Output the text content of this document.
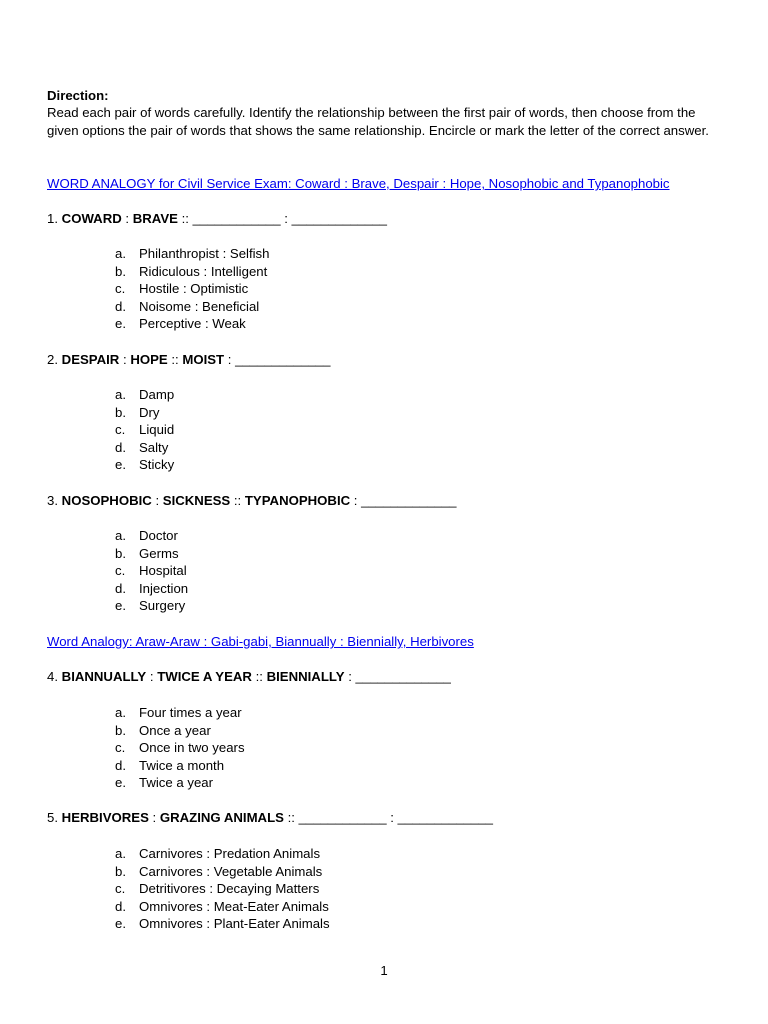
Direction:
Read each pair of words carefully. Identify the relationship between the first pair of words, then choose from the given options the pair of words that shows the same relationship. Encircle or mark the letter of the correct answer.
WORD ANALOGY for Civil Service Exam: Coward : Brave, Despair : Hope, Nosophobic and Typanophobic
1. COWARD : BRAVE :: ____________ : _____________
a. Philanthropist : Selfish
b. Ridiculous : Intelligent
c. Hostile : Optimistic
d. Noisome : Beneficial
e. Perceptive : Weak
2. DESPAIR : HOPE :: MOIST : _____________
a. Damp
b. Dry
c. Liquid
d. Salty
e. Sticky
3. NOSOPHOBIC : SICKNESS :: TYPANOPHOBIC : _____________
a. Doctor
b. Germs
c. Hospital
d. Injection
e. Surgery
Word Analogy: Araw-Araw : Gabi-gabi, Biannually : Biennially, Herbivores
4. BIANNUALLY : TWICE A YEAR :: BIENNIALLY : _____________
a. Four times a year
b. Once a year
c. Once in two years
d. Twice a month
e. Twice a year
5. HERBIVORES : GRAZING ANIMALS :: ____________ : _____________
a. Carnivores : Predation Animals
b. Carnivores : Vegetable Animals
c. Detritivores : Decaying Matters
d. Omnivores : Meat-Eater Animals
e. Omnivores : Plant-Eater Animals
1
